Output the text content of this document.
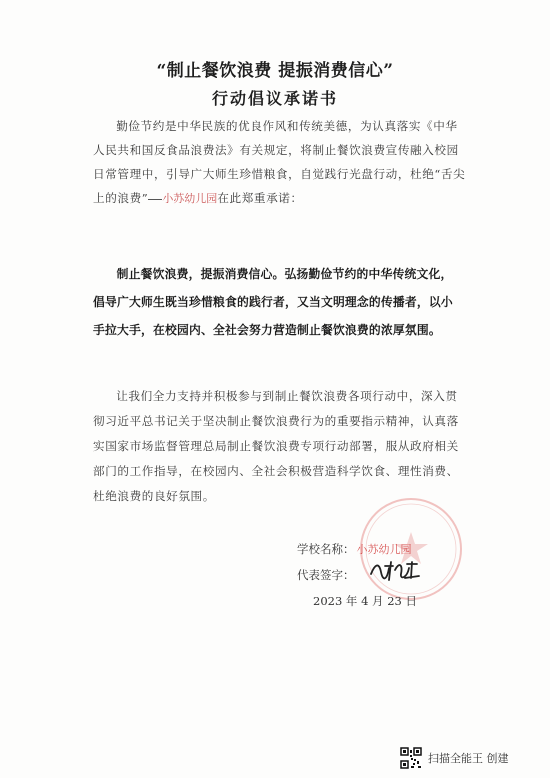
“制止餐饮浪费 提振消费信心”
行动倡议承诺书
勤俭节约是中华民族的优良作风和传统美德，为认真落实《中华人民共和国反食品浪费法》有关规定，将制止餐饮浪费宣传融入校园日常管理中，引导广大师生珍惜粮食，自觉践行光盘行动，杜绝“舌尖上的浪费” 小苏幼儿园在此郑重承诺：
制止餐饮浪费，提振消费信心。弘扬勤俭节约的中华传统文化，倡导广大师生既当珍惜粮食的践行者，又当文明理念的传播者，以小手拉大手，在校园内、全社会努力营造制止餐饮浪费的浓厚氛围。
让我们全力支持并积极参与到制止餐饮浪费各项行动中，深入贯彻习近平总书记关于坚决制止餐饮浪费行为的重要指示精神，认真落实国家市场监督管理总局制止餐饮浪费专项行动部署，服从政府相关部门的工作指导，在校园内、全社会积极营造科学饮食、理性消费、杜绝浪费的良好氛围。
学校名称： 小苏幼儿园
代表签字：
2023 年 4 月 23 日
扫描全能王 创建
